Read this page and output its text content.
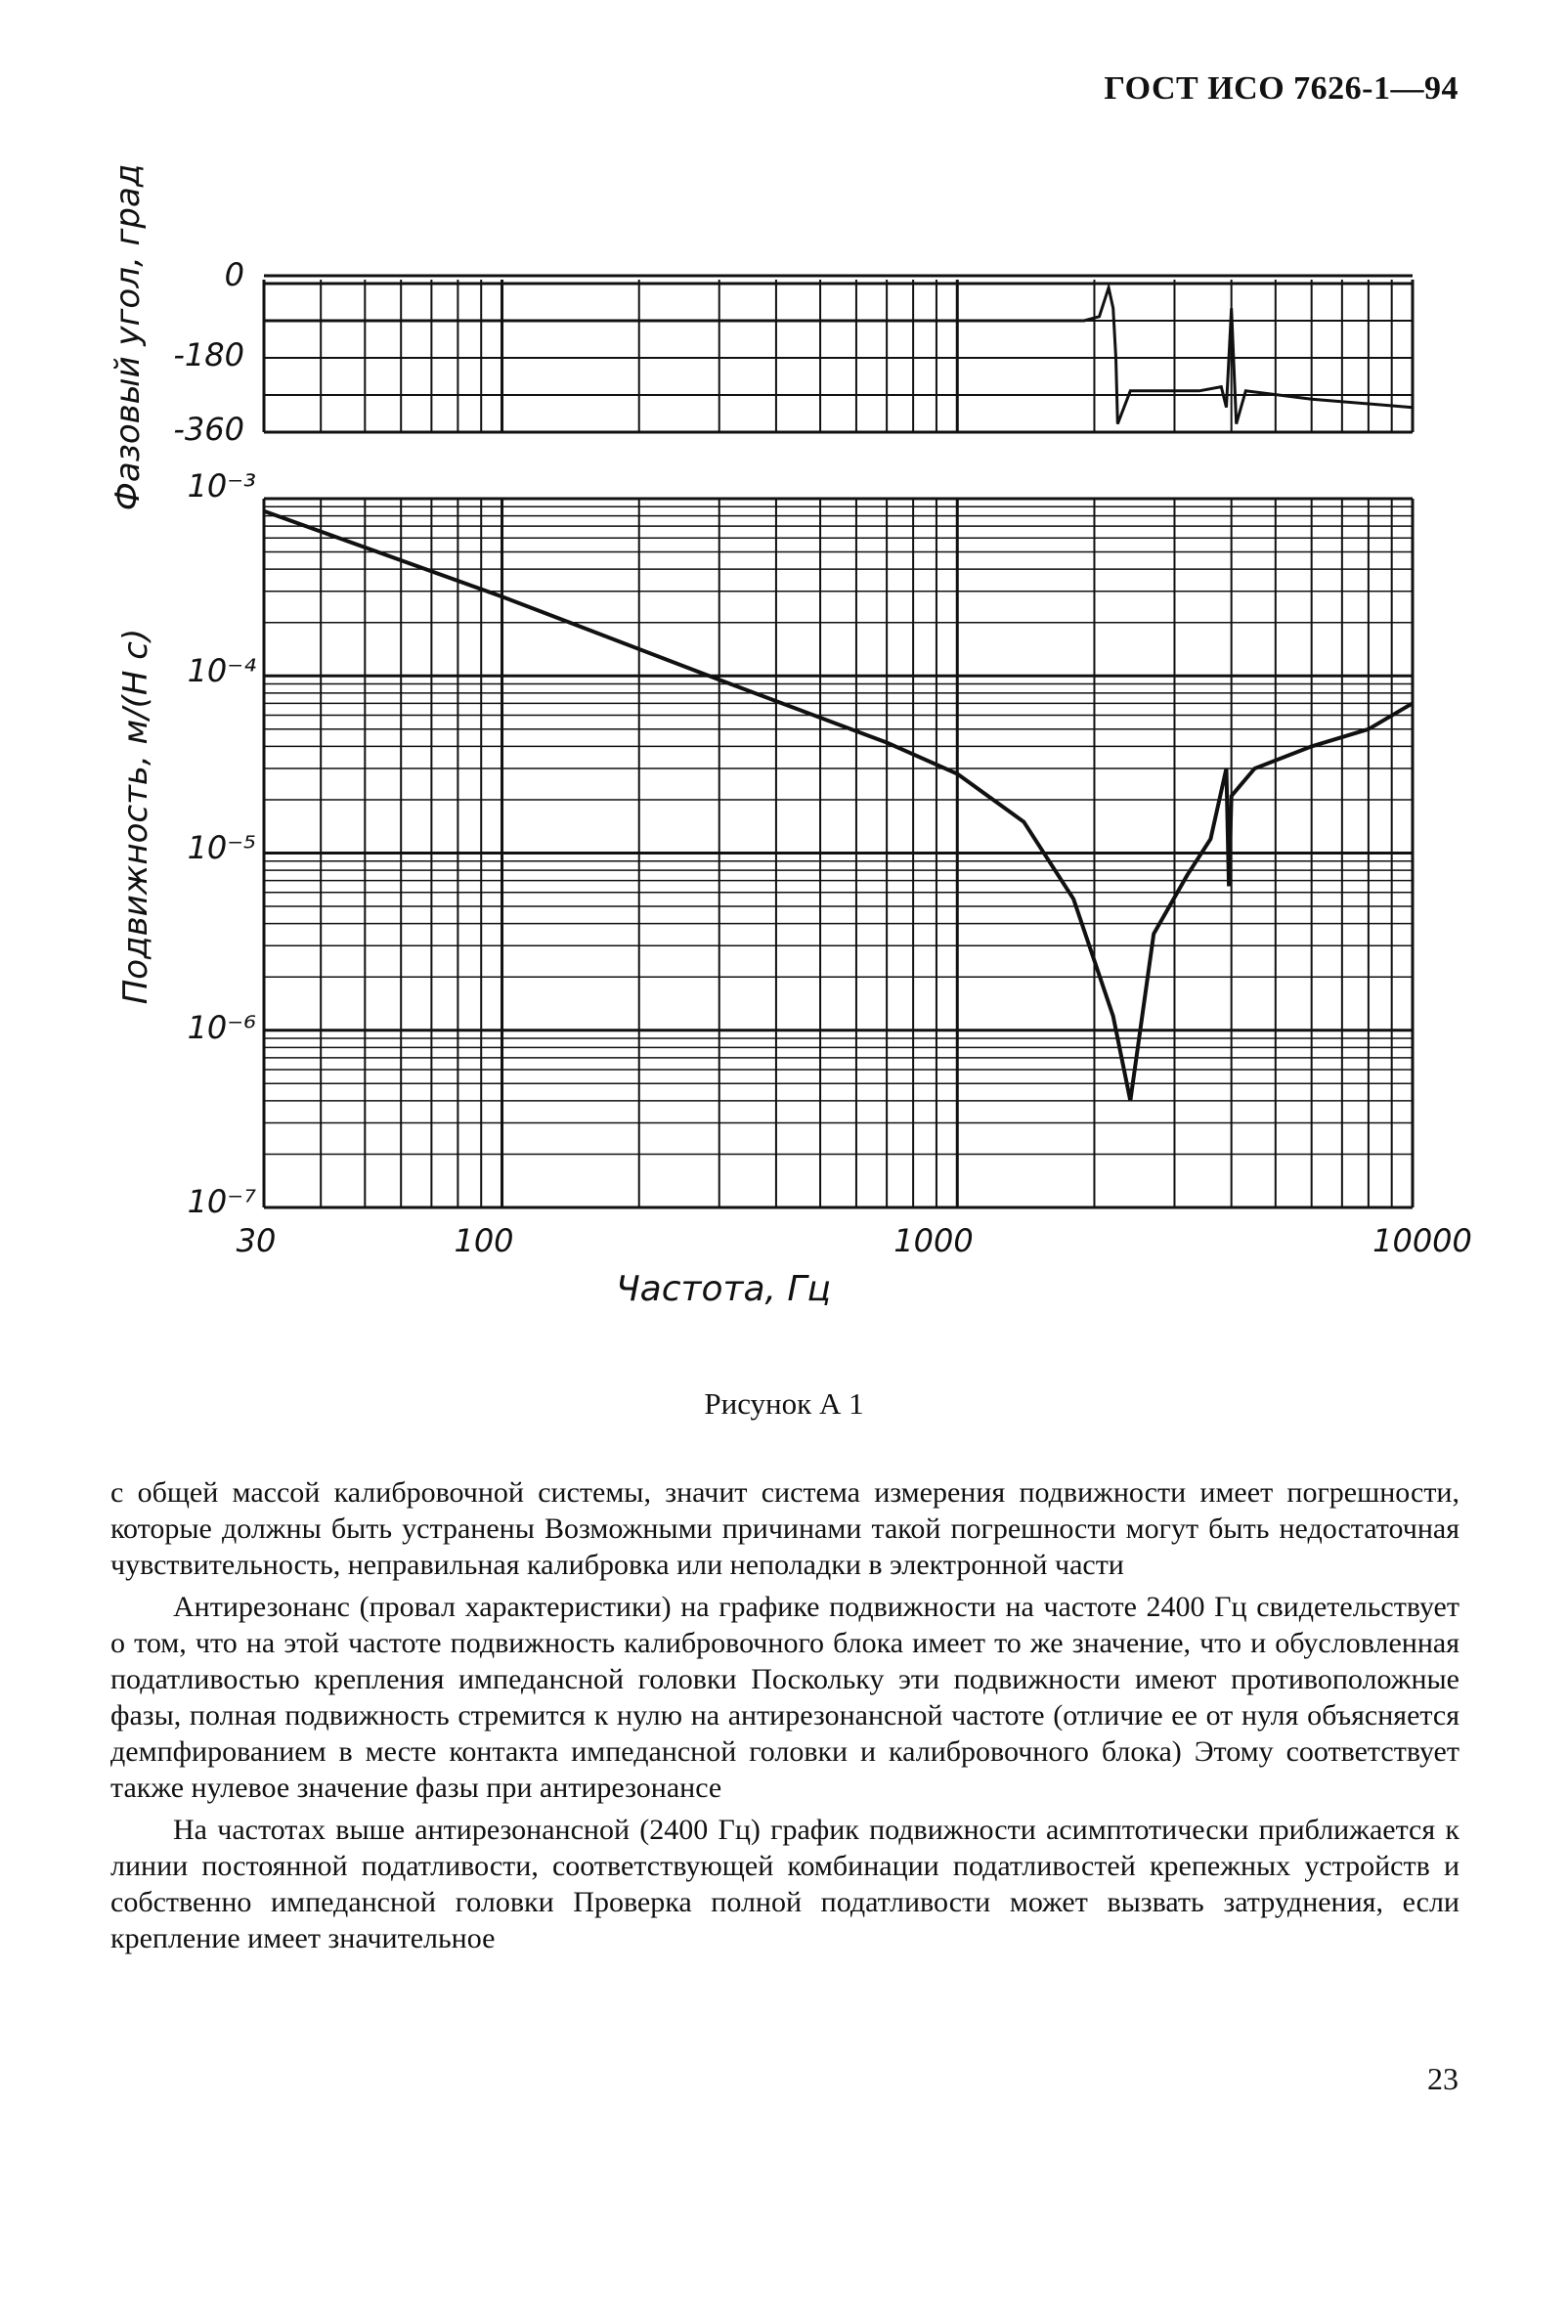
ГОСТ ИСО 7626-1—94
Фазовый угол, град
Подвижность, м/(Н с)
0
-180
-360
10⁻³
10⁻⁴
10⁻⁵
10⁻⁶
10⁻⁷
30	100	1000	10000
Частота, Гц
Рисунок А 1

с общей массой калибровочной системы, значит система измерения подвижности имеет погрешности, которые должны быть устранены Возможными причинами такой погрешности могут быть недостаточная чувствительность, неправильная калибровка или неполадки в электронной части

Антирезонанс (провал характеристики) на графике подвижности на частоте 2400 Гц свидетельствует о том, что на этой частоте подвижность калибровочного блока имеет то же значение, что и обусловленная податливостью крепления импедансной головки Поскольку эти подвижности имеют противоположные фазы, полная подвижность стремится к нулю на антирезонансной частоте (отличие ее от нуля объясняется демпфированием в месте контакта импедансной головки и калибровочного блока) Этому соответствует также нулевое значение фазы при антирезонансе

На частотах выше антирезонансной (2400 Гц) график подвижности асимптотически приближается к линии постоянной податливости, соответствующей комбинации податливостей крепежных устройств и собственно импедансной головки Проверка полной податливости может вызвать затруднения, если крепление имеет значительное

23
